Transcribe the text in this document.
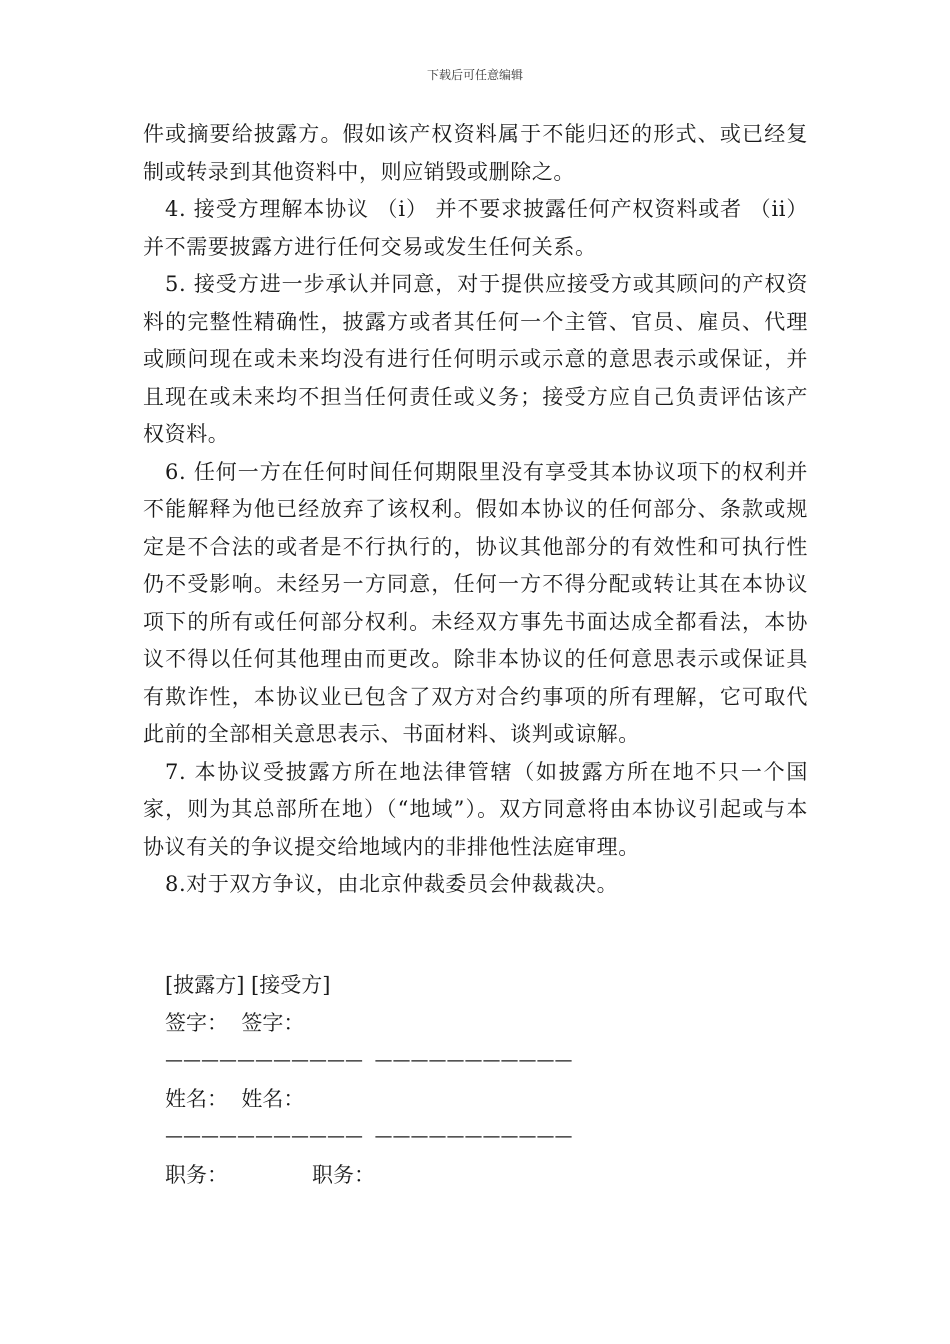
下载后可任意编辑

件或摘要给披露方。假如该产权资料属于不能归还的形式、或已经复制或转录到其他资料中，则应销毁或删除之。

4. 接受方理解本协议 （i） 并不要求披露任何产权资料或者 （ii） 并不需要披露方进行任何交易或发生任何关系。

5. 接受方进一步承认并同意，对于提供应接受方或其顾问的产权资料的完整性精确性，披露方或者其任何一个主管、官员、雇员、代理或顾问现在或未来均没有进行任何明示或示意的意思表示或保证，并且现在或未来均不担当任何责任或义务；接受方应自己负责评估该产权资料。

6. 任何一方在任何时间任何期限里没有享受其本协议项下的权利并不能解释为他已经放弃了该权利。假如本协议的任何部分、条款或规定是不合法的或者是不行执行的，协议其他部分的有效性和可执行性仍不受影响。未经另一方同意，任何一方不得分配或转让其在本协议项下的所有或任何部分权利。未经双方事先书面达成全都看法，本协议不得以任何其他理由而更改。除非本协议的任何意思表示或保证具有欺诈性，本协议业已包含了双方对合约事项的所有理解，它可取代此前的全部相关意思表示、书面材料、谈判或谅解。

7. 本协议受披露方所在地法律管辖（如披露方所在地不只一个国家，则为其总部所在地）（“地域”）。双方同意将由本协议引起或与本协议有关的争议提交给地域内的非排他性法庭审理。

8.对于双方争议，由北京仲裁委员会仲裁裁决。

[披露方] [接受方]
签字：  签字：
———————————  ———————————
姓名：  姓名：
———————————  ———————————
职务：	职务：
